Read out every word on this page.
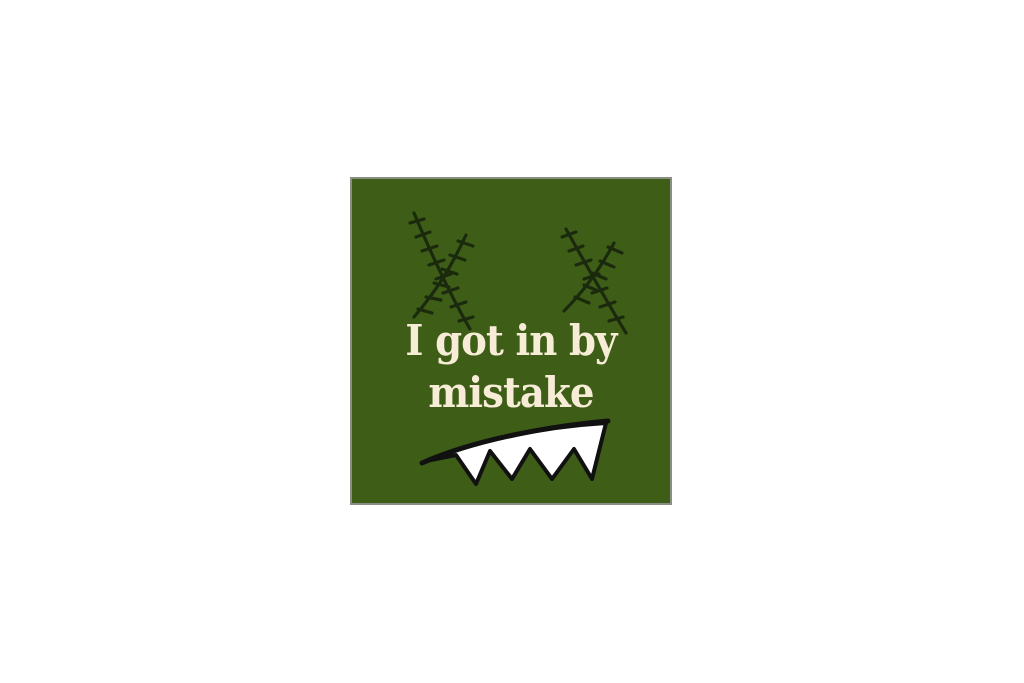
I got in by
mistake
